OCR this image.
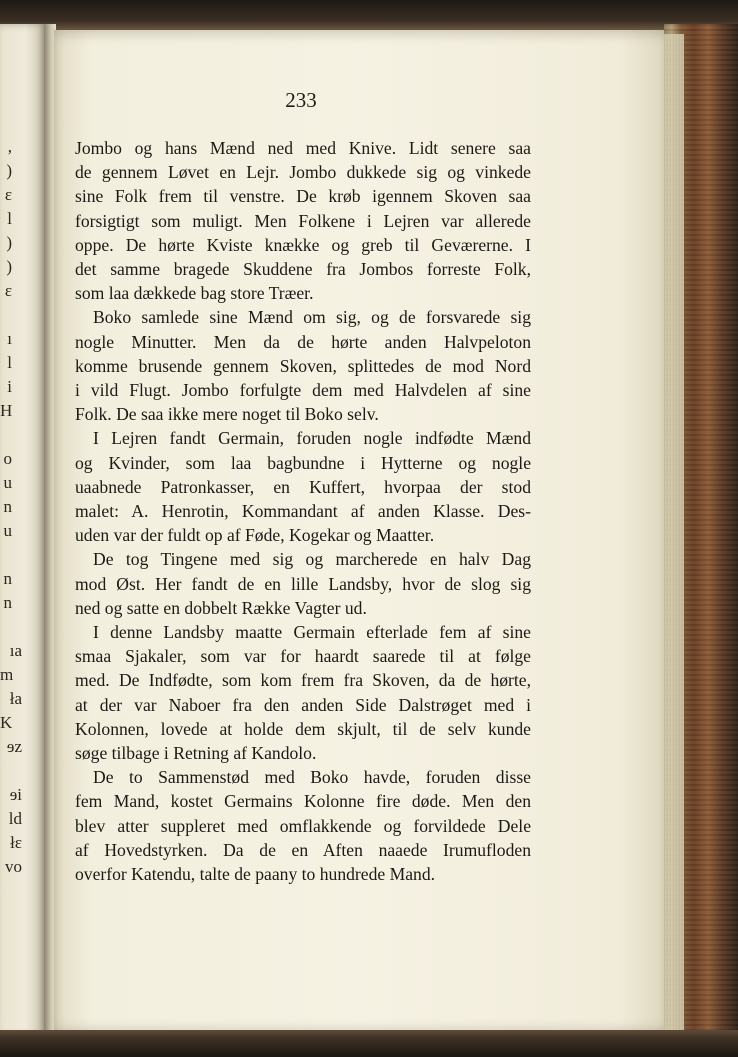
,
)
ɛ
l
)
)
ɛ
ı
l
i
H
o
u
n
u
n
n
ıa
m
ła
K
ɘz
ɘi
ld
łɛ
vo
233
Jombo og hans Mænd ned med Knive. Lidt senere saa
de gennem Løvet en Lejr. Jombo dukkede sig og vinkede
sine Folk frem til venstre. De krøb igennem Skoven saa
forsigtigt som muligt. Men Folkene i Lejren var allerede
oppe. De hørte Kviste knække og greb til Geværerne. I
det samme bragede Skuddene fra Jombos forreste Folk,
som laa dækkede bag store Træer.
Boko samlede sine Mænd om sig, og de forsvarede sig
nogle Minutter. Men da de hørte anden Halvpeloton
komme brusende gennem Skoven, splittedes de mod Nord
i vild Flugt. Jombo forfulgte dem med Halvdelen af sine
Folk. De saa ikke mere noget til Boko selv.
I Lejren fandt Germain, foruden nogle indfødte Mænd
og Kvinder, som laa bagbundne i Hytterne og nogle
uaabnede Patronkasser, en Kuffert, hvorpaa der stod
malet: A. Henrotin, Kommandant af anden Klasse. Des-
uden var der fuldt op af Føde, Kogekar og Maatter.
De tog Tingene med sig og marcherede en halv Dag
mod Øst. Her fandt de en lille Landsby, hvor de slog sig
ned og satte en dobbelt Række Vagter ud.
I denne Landsby maatte Germain efterlade fem af sine
smaa Sjakaler, som var for haardt saarede til at følge
med. De Indfødte, som kom frem fra Skoven, da de hørte,
at der var Naboer fra den anden Side Dalstrøget med i
Kolonnen, lovede at holde dem skjult, til de selv kunde
søge tilbage i Retning af Kandolo.
De to Sammenstød med Boko havde, foruden disse
fem Mand, kostet Germains Kolonne fire døde. Men den
blev atter suppleret med omflakkende og forvildede Dele
af Hovedstyrken. Da de en Aften naaede Irumufloden
overfor Katendu, talte de paany to hundrede Mand.
